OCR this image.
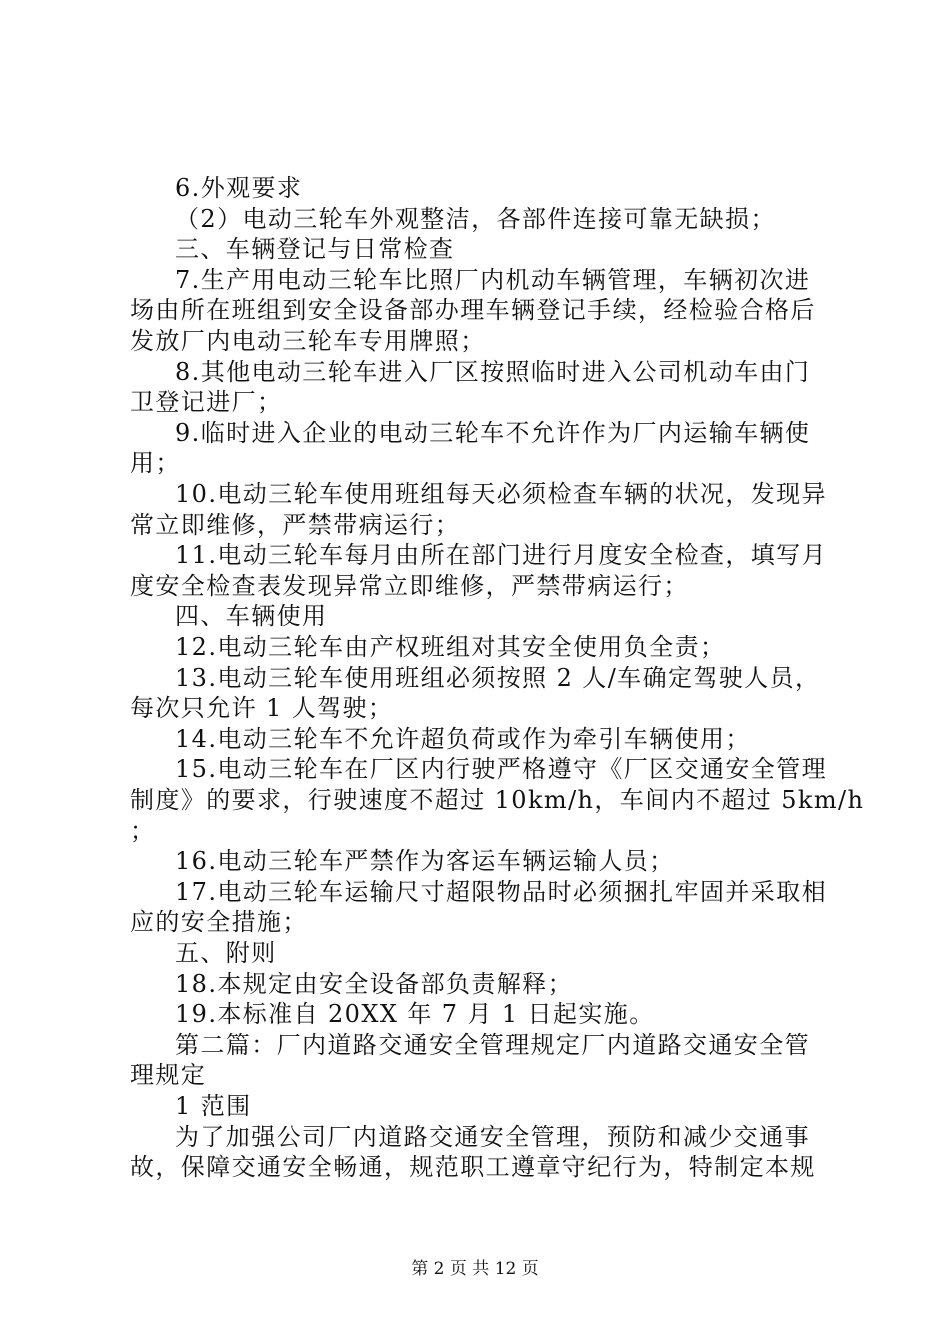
6.外观要求
（2）电动三轮车外观整洁，各部件连接可靠无缺损；
三、车辆登记与日常检查
7.生产用电动三轮车比照厂内机动车辆管理，车辆初次进
场由所在班组到安全设备部办理车辆登记手续，经检验合格后
发放厂内电动三轮车专用牌照；
8.其他电动三轮车进入厂区按照临时进入公司机动车由门
卫登记进厂；
9.临时进入企业的电动三轮车不允许作为厂内运输车辆使
用；
10.电动三轮车使用班组每天必须检查车辆的状况，发现异
常立即维修，严禁带病运行；
11.电动三轮车每月由所在部门进行月度安全检查，填写月
度安全检查表发现异常立即维修，严禁带病运行；
四、车辆使用
12.电动三轮车由产权班组对其安全使用负全责；
13.电动三轮车使用班组必须按照 2 人/车确定驾驶人员，
每次只允许 1 人驾驶；
14.电动三轮车不允许超负荷或作为牵引车辆使用；
15.电动三轮车在厂区内行驶严格遵守《厂区交通安全管理
制度》的要求，行驶速度不超过 10km/h，车间内不超过 5km/h
；
16.电动三轮车严禁作为客运车辆运输人员；
17.电动三轮车运输尺寸超限物品时必须捆扎牢固并采取相
应的安全措施；
五、附则
18.本规定由安全设备部负责解释；
19.本标准自 20XX 年 7 月 1 日起实施。
第二篇：厂内道路交通安全管理规定厂内道路交通安全管
理规定
1 范围
为了加强公司厂内道路交通安全管理，预防和减少交通事
故，保障交通安全畅通，规范职工遵章守纪行为，特制定本规
第 2 页 共 12 页
